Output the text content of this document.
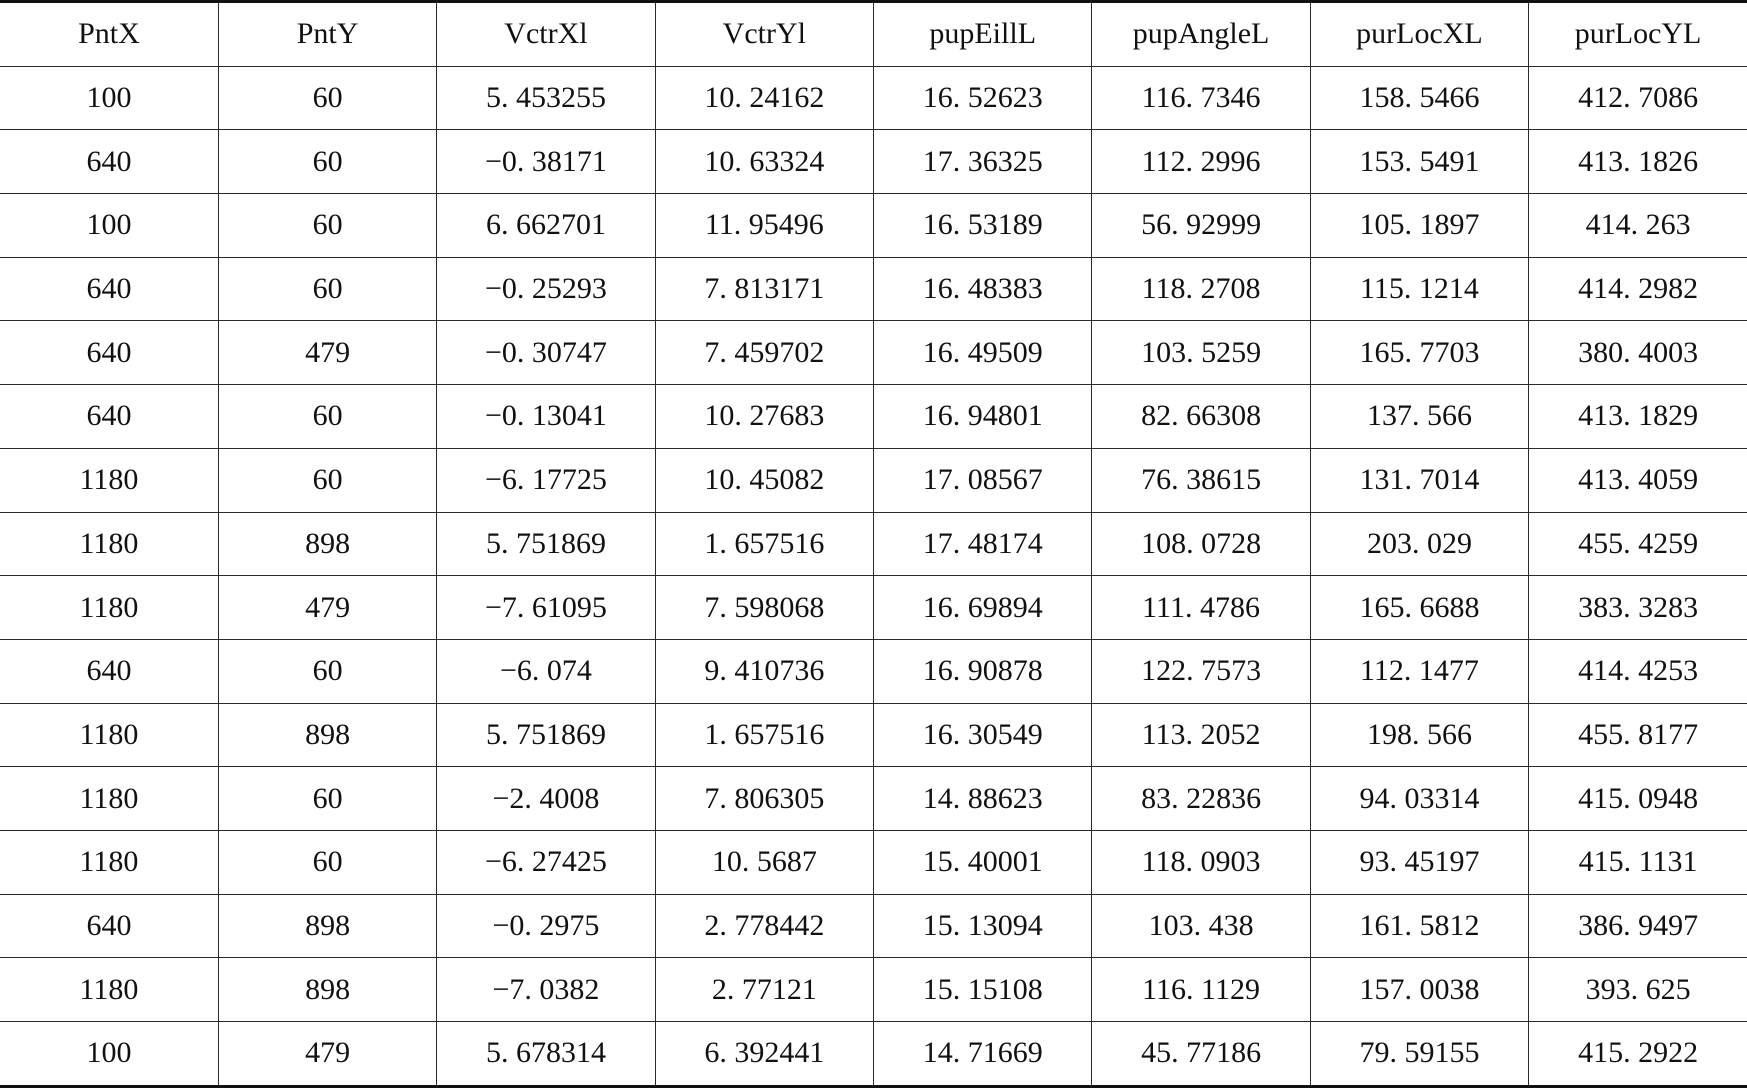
PntX	PntY	VctrXl	VctrYl	pupEillL	pupAngleL	purLocXL	purLocYL
100	60	5. 453255	10. 24162	16. 52623	116. 7346	158. 5466	412. 7086
640	60	−0. 38171	10. 63324	17. 36325	112. 2996	153. 5491	413. 1826
100	60	6. 662701	11. 95496	16. 53189	56. 92999	105. 1897	414. 263
640	60	−0. 25293	7. 813171	16. 48383	118. 2708	115. 1214	414. 2982
640	479	−0. 30747	7. 459702	16. 49509	103. 5259	165. 7703	380. 4003
640	60	−0. 13041	10. 27683	16. 94801	82. 66308	137. 566	413. 1829
1180	60	−6. 17725	10. 45082	17. 08567	76. 38615	131. 7014	413. 4059
1180	898	5. 751869	1. 657516	17. 48174	108. 0728	203. 029	455. 4259
1180	479	−7. 61095	7. 598068	16. 69894	111. 4786	165. 6688	383. 3283
640	60	−6. 074	9. 410736	16. 90878	122. 7573	112. 1477	414. 4253
1180	898	5. 751869	1. 657516	16. 30549	113. 2052	198. 566	455. 8177
1180	60	−2. 4008	7. 806305	14. 88623	83. 22836	94. 03314	415. 0948
1180	60	−6. 27425	10. 5687	15. 40001	118. 0903	93. 45197	415. 1131
640	898	−0. 2975	2. 778442	15. 13094	103. 438	161. 5812	386. 9497
1180	898	−7. 0382	2. 77121	15. 15108	116. 1129	157. 0038	393. 625
100	479	5. 678314	6. 392441	14. 71669	45. 77186	79. 59155	415. 2922
